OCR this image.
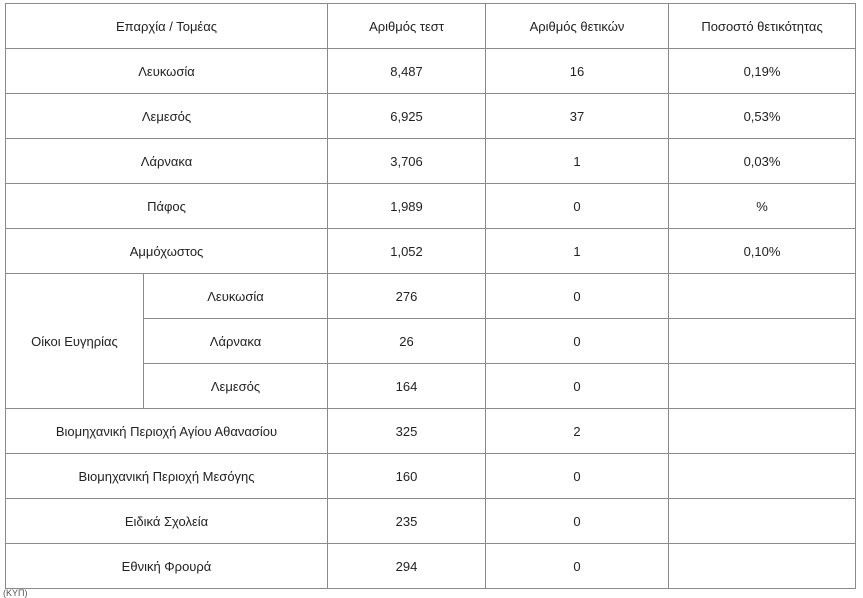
Επαρχία / Τομέας		Αριθμός τεστ	Αριθμός θετικών	Ποσοστό θετικότητας
Λευκωσία		8,487	16	0,19%
Λεμεσός		6,925	37	0,53%
Λάρνακα		3,706	1	0,03%
Πάφος		1,989	0	%
Αμμόχωστος		1,052	1	0,10%
Οίκοι Ευγηρίας	Λευκωσία	276	0	
	Λάρνακα	26	0	
	Λεμεσός	164	0	
Βιομηχανική Περιοχή Αγίου Αθανασίου		325	2	
Βιομηχανική Περιοχή Μεσόγης		160	0	
Ειδικά Σχολεία		235	0	
Εθνική Φρουρά		294	0	
(ΚΥΠ)
